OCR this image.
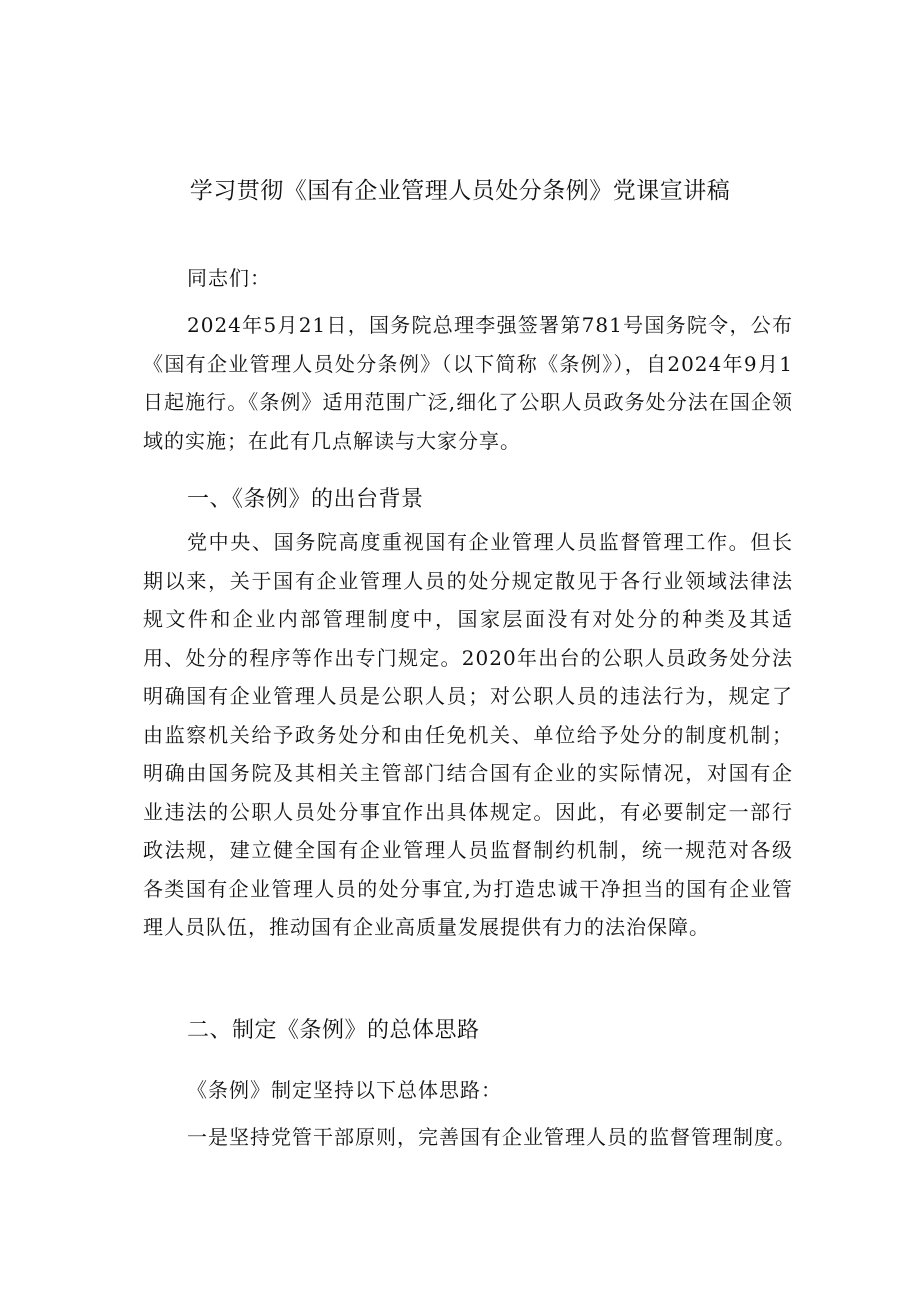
学习贯彻《国有企业管理人员处分条例》党课宣讲稿
同志们：
2024年5月21日，国务院总理李强签署第781号国务院令，公布《国有企业管理人员处分条例》（以下简称《条例》），自2024年9月1日起施行。《条例》适用范围广泛,细化了公职人员政务处分法在国企领域的实施；在此有几点解读与大家分享。
一、《条例》的出台背景
党中央、国务院高度重视国有企业管理人员监督管理工作。但长期以来，关于国有企业管理人员的处分规定散见于各行业领域法律法规文件和企业内部管理制度中，国家层面没有对处分的种类及其适用、处分的程序等作出专门规定。2020年出台的公职人员政务处分法明确国有企业管理人员是公职人员；对公职人员的违法行为，规定了由监察机关给予政务处分和由任免机关、单位给予处分的制度机制；明确由国务院及其相关主管部门结合国有企业的实际情况，对国有企业违法的公职人员处分事宜作出具体规定。因此，有必要制定一部行政法规，建立健全国有企业管理人员监督制约机制，统一规范对各级各类国有企业管理人员的处分事宜,为打造忠诚干净担当的国有企业管理人员队伍，推动国有企业高质量发展提供有力的法治保障。
二、制定《条例》的总体思路
《条例》制定坚持以下总体思路：
一是坚持党管干部原则，完善国有企业管理人员的监督管理制度。
